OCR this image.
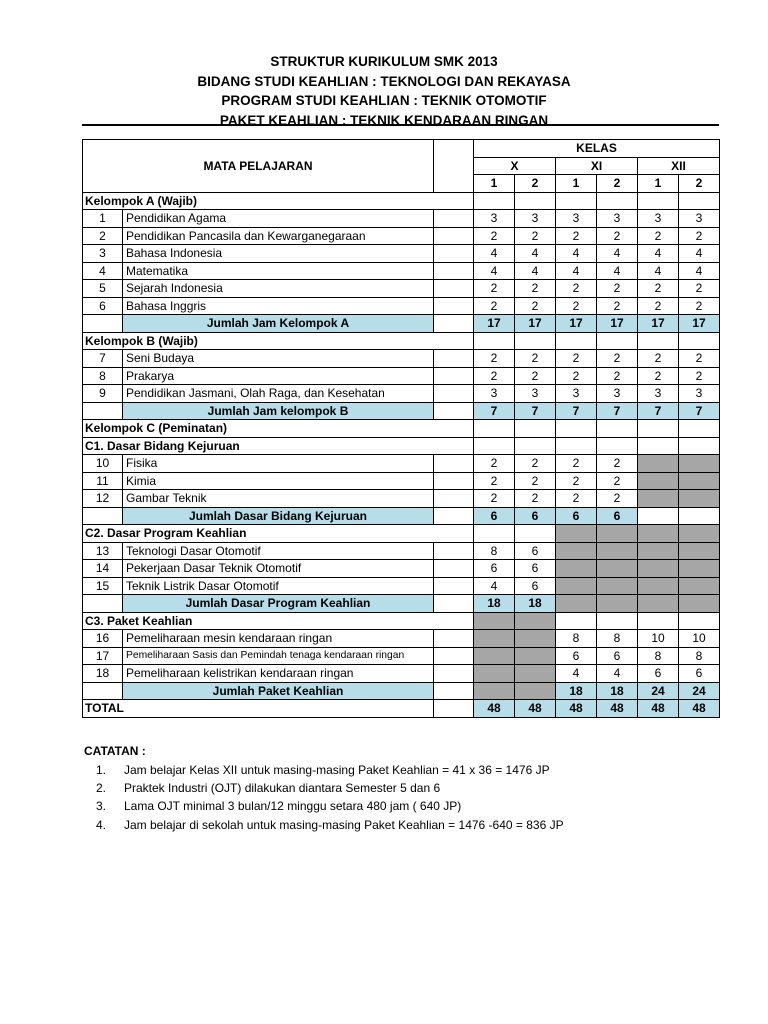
STRUKTUR KURIKULUM SMK 2013
BIDANG STUDI KEAHLIAN : TEKNOLOGI DAN REKAYASA
PROGRAM STUDI KEAHLIAN : TEKNIK OTOMOTIF
PAKET KEAHLIAN : TEKNIK KENDARAAN RINGAN
MATA PELAJARAN			KELAS					
			X		XI		XII	
			1	2	1	2	1	2
Kelompok A (Wajib)								
1	Pendidikan Agama		3	3	3	3	3	3
2	Pendidikan Pancasila dan Kewarganegaraan		2	2	2	2	2	2
3	Bahasa Indonesia		4	4	4	4	4	4
4	Matematika		4	4	4	4	4	4
5	Sejarah Indonesia		2	2	2	2	2	2
6	Bahasa Inggris		2	2	2	2	2	2
	Jumlah Jam Kelompok A		17	17	17	17	17	17
Kelompok B (Wajib)								
7	Seni Budaya		2	2	2	2	2	2
8	Prakarya		2	2	2	2	2	2
9	Pendidikan Jasmani, Olah Raga, dan Kesehatan		3	3	3	3	3	3
	Jumlah Jam kelompok B		7	7	7	7	7	7
Kelompok C (Peminatan)								
C1. Dasar Bidang Kejuruan								
10	Fisika		2	2	2	2		
11	Kimia		2	2	2	2		
12	Gambar Teknik		2	2	2	2		
	Jumlah Dasar Bidang Kejuruan		6	6	6	6		
C2. Dasar Program Keahlian								
13	Teknologi Dasar Otomotif		8	6				
14	Pekerjaan Dasar Teknik Otomotif		6	6				
15	Teknik Listrik Dasar Otomotif		4	6				
	Jumlah Dasar Program Keahlian		18	18				
C3. Paket Keahlian								
16	Pemeliharaan mesin kendaraan ringan				8	8	10	10
17	Pemeliharaan Sasis dan Pemindah tenaga kendaraan ringan				6	6	8	8
18	Pemeliharaan kelistrikan kendaraan ringan				4	4	6	6
	Jumlah Paket Keahlian				18	18	24	24
TOTAL			48	48	48	48	48	48
CATATAN :
1. Jam belajar Kelas XII untuk masing-masing Paket Keahlian = 41 x 36 = 1476 JP
2. Praktek Industri (OJT) dilakukan diantara Semester 5 dan 6
3. Lama OJT minimal 3 bulan/12 minggu setara 480 jam ( 640 JP)
4. Jam belajar di sekolah untuk masing-masing Paket Keahlian = 1476 -640 = 836 JP
